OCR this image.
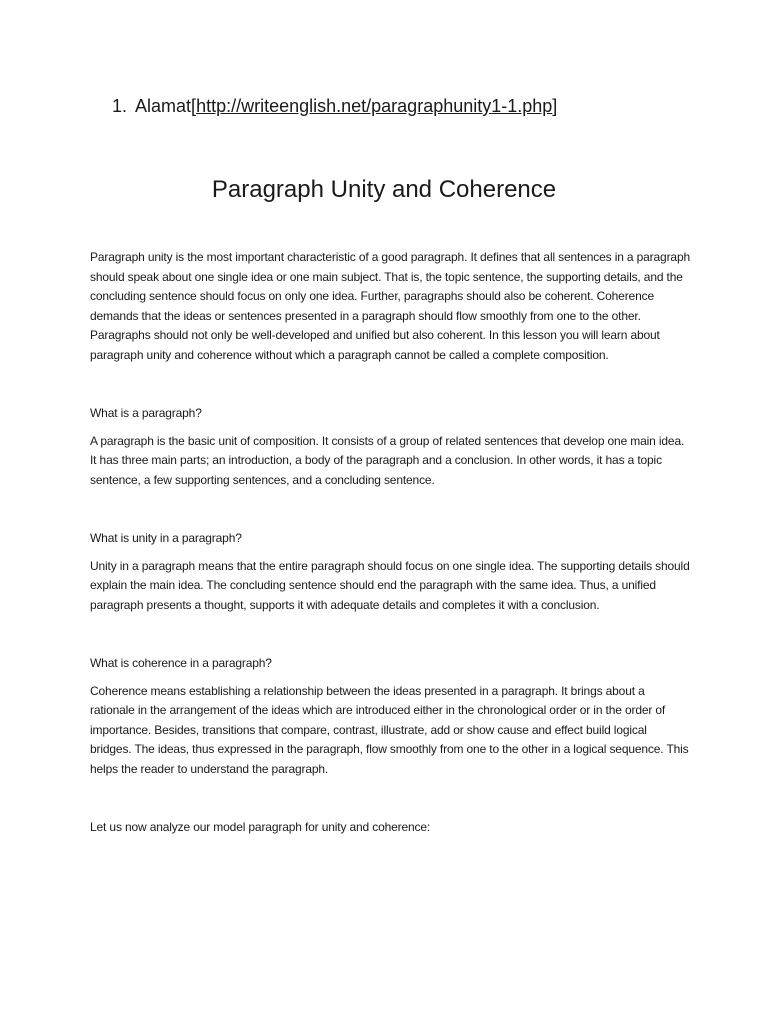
1. Alamat[http://writeenglish.net/paragraphunity1-1.php]
Paragraph Unity and Coherence

Paragraph unity is the most important characteristic of a good paragraph. It defines that all sentences in a paragraph should speak about one single idea or one main subject. That is, the topic sentence, the supporting details, and the concluding sentence should focus on only one idea. Further, paragraphs should also be coherent. Coherence demands that the ideas or sentences presented in a paragraph should flow smoothly from one to the other. Paragraphs should not only be well-developed and unified but also coherent. In this lesson you will learn about paragraph unity and coherence without which a paragraph cannot be called a complete composition.

What is a paragraph?

A paragraph is the basic unit of composition. It consists of a group of related sentences that develop one main idea. It has three main parts; an introduction, a body of the paragraph and a conclusion. In other words, it has a topic sentence, a few supporting sentences, and a concluding sentence.

What is unity in a paragraph?

Unity in a paragraph means that the entire paragraph should focus on one single idea. The supporting details should explain the main idea. The concluding sentence should end the paragraph with the same idea. Thus, a unified paragraph presents a thought, supports it with adequate details and completes it with a conclusion.

What is coherence in a paragraph?

Coherence means establishing a relationship between the ideas presented in a paragraph. It brings about a rationale in the arrangement of the ideas which are introduced either in the chronological order or in the order of importance. Besides, transitions that compare, contrast, illustrate, add or show cause and effect build logical bridges. The ideas, thus expressed in the paragraph, flow smoothly from one to the other in a logical sequence. This helps the reader to understand the paragraph.

Let us now analyze our model paragraph for unity and coherence:
